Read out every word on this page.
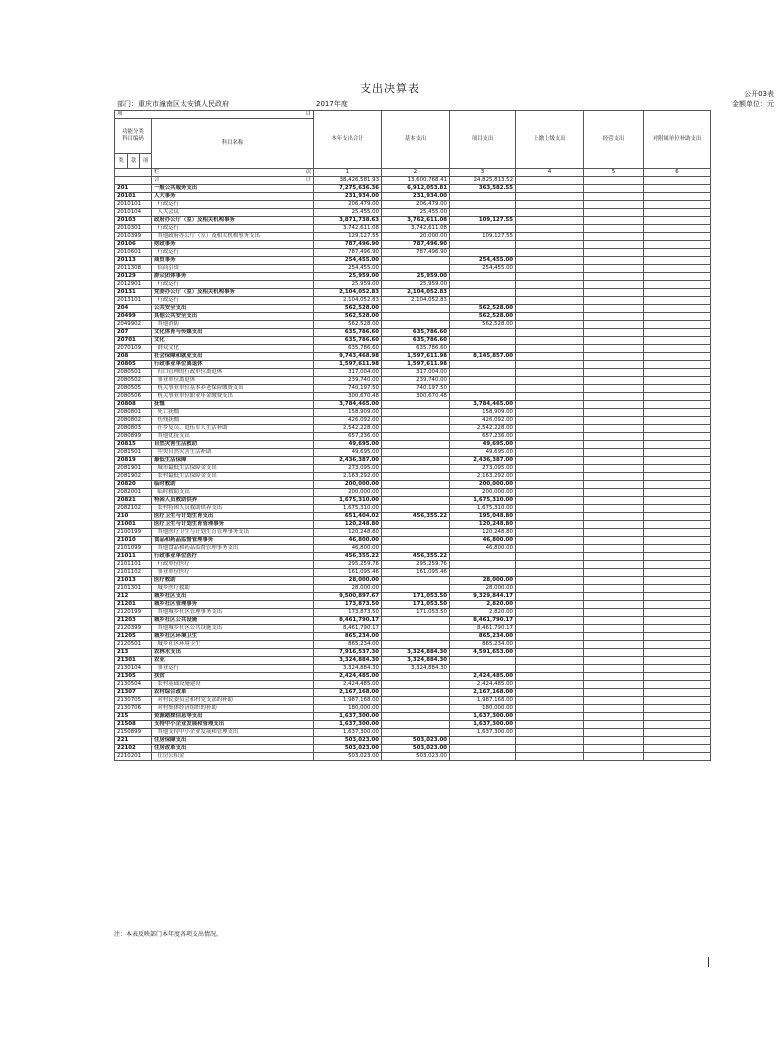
支出决算表	公开03表
金额单位：元
部门：重庆市潼南区太安镇人民政府	2017年度
项 目				本年支出合计	基本支出	项目支出	上缴上级支出	经营支出	对附属单位补助支出
功能分类
科目编码			科目名称						
类	款	项							

			栏 次	1	2	3	4	5	6

			合 计	38,426,581.93	13,600,768.41	24,825,813.52			
201			一般公共服务支出	7,275,636.36	6,912,053.81	363,582.55			
20101			人大事务	231,934.00	231,934.00				
2010101			行政运行	206,479.00	206,479.00				
2010104			人大会议	25,455.00	25,455.00				
20103			政府办公厅（室）及相关机构事务	3,871,738.63	3,762,611.08	109,127.55			
2010301			行政运行	3,742,611.08	3,742,611.08				
2010399			其他政府办公厅（室）及相关机构事务支出	129,127.55	20,000.00	109,127.55			
20106			财政事务	787,496.90	787,496.90				
2010601			行政运行	787,496.90	787,496.90				
20113			商贸事务	254,455.00		254,455.00			
2011308			招商引资	254,455.00		254,455.00			
20129			群众团体事务	25,959.00	25,959.00				
2012901			行政运行	25,959.00	25,959.00				
20131			党委办公厅（室）及相关机构事务	2,104,052.83	2,104,052.83				
2013101			行政运行	2,104,052.83	2,104,052.83				
204			公共安全支出	562,528.00		562,528.00			
20499			其他公共安全支出	562,528.00		562,528.00			
2049902			其他消防	562,528.00		562,528.00			
207			文化体育与传媒支出	635,786.60	635,786.60				
20701			文化	635,786.60	635,786.60				
2070109			群众文化	635,786.60	635,786.60				
208			社会保障和就业支出	9,743,468.98	1,597,611.98	8,145,857.00			
20805			行政事业单位离退休	1,597,611.98	1,597,611.98				
2080501			归口管理的行政单位离退休	317,004.00	317,004.00				
2080502			事业单位离退休	239,740.00	239,740.00				
2080505			机关事业单位基本养老保险缴费支出	740,197.50	740,197.50				
2080506			机关事业单位职业年金缴费支出	300,670.48	300,670.48				
20808			抚恤	3,784,465.00		3,784,465.00			
2080801			死亡抚恤	158,909.00		158,909.00			
2080802			伤残抚恤	426,092.00		426,092.00			
2080803			在乡复员、退伍军人生活补助	2,542,228.00		2,542,228.00			
2080899			其他优抚支出	657,236.00		657,236.00			
20815			自然灾害生活救助	49,695.00		49,695.00			
2081501			中央自然灾害生活补助	49,695.00		49,695.00			
20819			最低生活保障	2,436,387.00		2,436,387.00			
2081901			城市最低生活保障金支出	273,095.00		273,095.00			
2081902			农村最低生活保障金支出	2,163,292.00		2,163,292.00			
20820			临时救助	200,000.00		200,000.00			
2082001			临时救助支出	200,000.00		200,000.00			
20821			特困人员救助供养	1,675,310.00		1,675,310.00			
2082102			农村特困人员救助供养支出	1,675,310.00		1,675,310.00			
210			医疗卫生与计划生育支出	651,404.02	456,355.22	195,048.80			
21001			医疗卫生与计划生育管理事务	120,248.80		120,248.80			
2100199			其他医疗卫生与计划生育管理事务支出	120,248.80		120,248.80			
21010			食品和药品监督管理事务	46,800.00		46,800.00			
2101099			其他食品和药品监督管理事务支出	46,800.00		46,800.00			
21011			行政事业单位医疗	456,355.22	456,355.22				
2101101			行政单位医疗	295,259.76	295,259.76				
2101102			事业单位医疗	161,095.46	161,095.46				
21013			医疗救助	28,000.00		28,000.00			
2101301			城乡医疗救助	28,000.00		28,000.00			
212			城乡社区支出	9,500,897.67	171,053.50	9,329,844.17			
21201			城乡社区管理事务	173,873.50	171,053.50	2,820.00			
2120199			其他城乡社区管理事务支出	173,873.50	171,053.50	2,820.00			
21203			城乡社区公共设施	8,461,790.17		8,461,790.17			
2120399			其他城乡社区公共设施支出	8,461,790.17		8,461,790.17			
21205			城乡社区环境卫生	865,234.00		865,234.00			
2120501			城乡社区环境卫生	865,234.00		865,234.00			
213			农林水支出	7,916,537.30	3,324,884.30	4,591,653.00			
21301			农业	3,324,884.30	3,324,884.30				
2130104			事业运行	3,324,884.30	3,324,884.30				
21305			扶贫	2,424,485.00		2,424,485.00			
2130504			农村基础设施建设	2,424,485.00		2,424,485.00			
21307			农村综合改革	2,167,168.00		2,167,168.00			
2130705			对村民委员会和村党支部的补助	1,987,168.00		1,987,168.00			
2130706			对村集体经济组织的补助	180,000.00		180,000.00			
215			资源勘探信息等支出	1,637,300.00		1,637,300.00			
21508			支持中小企业发展和管理支出	1,637,300.00		1,637,300.00			
2150899			其他支持中小企业发展和管理支出	1,637,300.00		1,637,300.00			
221			住房保障支出	503,023.00	503,023.00				
22102			住房改革支出	503,023.00	503,023.00				
2210201			住房公积金	503,023.00	503,023.00				
注：本表反映部门本年度各项支出情况。
